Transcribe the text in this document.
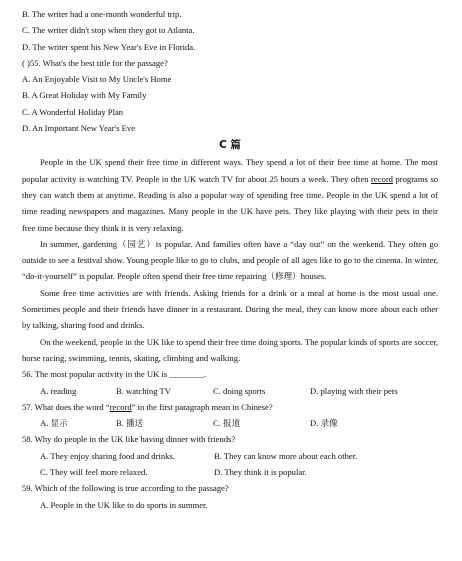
B. The writer had a one-month wonderful trip.
C. The writer didn't stop when they got to Atlanta.
D. The writer spent his New Year's Eve in Florida.
( )55. What's the best title for the passage?
A. An Enjoyable Visit to My Uncle's Home
B. A Great Holiday with My Family
C. A Wonderful Holiday Plan
D. An Important New Year's Eve
C 篇

People in the UK spend their free time in different ways. They spend a lot of their free time at home. The most popular activity is watching TV. People in the UK watch TV for about 25 hours a week. They often record programs so they can watch them at anytime. Reading is also a popular way of spending free time. People in the UK spend a lot of time reading newspapers and magazines. Many people in the UK have pets. They like playing with their pets in their free time because they think it is very relaxing.

In summer, gardening（园艺）is popular. And families often have a “day out” on the weekend. They often go outside to see a festival show. Young people like to go to clubs, and people of all ages like to go to the cinema. In winter, “do-it-yourself” is popular. People often spend their free time repairing（修理）houses.

Some free time activities are with friends. Asking friends for a drink or a meal at home is the most usual one. Sometimes people and their friends have dinner in a restaurant. During the meal, they can know more about each other by talking, sharing food and drinks.

On the weekend, people in the UK like to spend their free time doing sports. The popular kinds of sports are soccer, horse racing, swimming, tennis, skating, climbing and walking.

56. The most popular activity in the UK is ________.
A. reading	B. watching TV	C. doing sports	D. playing with their pets
57. What does the word “record” in the first paragraph mean in Chinese?
A. 显示	B. 播送	C. 报道	D. 录像
58. Why do people in the UK like having dinner with friends?
A. They enjoy sharing food and drinks.	B. They can know more about each other.
C. They will feel more relaxed.	D. They think it is popular.
59. Which of the following is true according to the passage?
A. People in the UK like to do sports in summer.
